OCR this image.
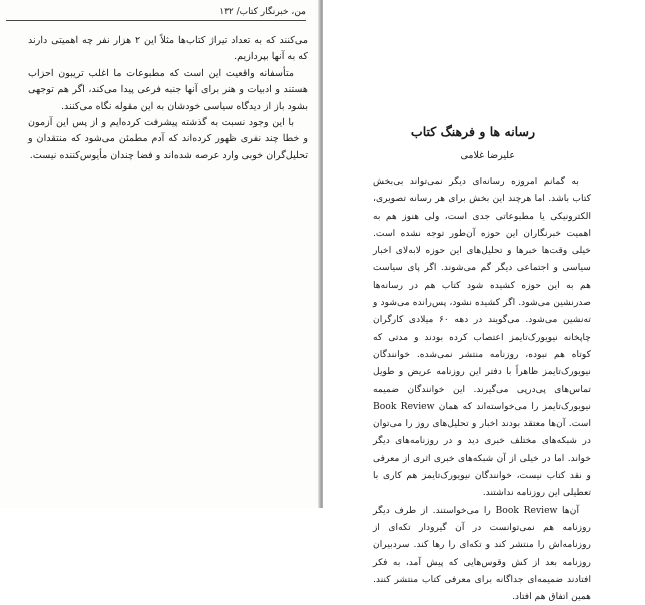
من، خبرنگار کتاب/ ۱۳۲

می‌کنند که به تعداد تیراژ کتاب‌ها مثلاً این ۲ هزار نفر چه اهمیتی دارند که به آنها بپردازیم.

متأسفانه واقعیت این است که مطبوعات ما اغلب تریبون احزاب هستند و ادبیات و هنر برای آنها جنبه فرعی پیدا می‌کند، اگر هم توجهی بشود باز از دیدگاه سیاسی خودشان به این مقوله نگاه می‌کنند.

با این وجود نسبت به گذشته پیشرفت کرده‌ایم و از پس این آزمون و خطا چند نفری ظهور کرده‌اند که آدم مطمئن می‌شود که منتقدان و تحلیل‌گران خوبی وارد عرصه شده‌اند و فضا چندان مأیوس‌کننده نیست.

رسانه ها و فرهنگ کتاب
علیرضا غلامی

به گمانم امروزه رسانه‌ای دیگر نمی‌تواند بی‌بخش کتاب باشد. اما هرچند این بخش برای هر رسانه تصویری، الکترونیکی یا مطبوعاتی جدی است، ولی هنوز هم به اهمیت خبرنگاران این حوزه آن‌طور توجه نشده است. خیلی وقت‌ها خبرها و تحلیل‌های این حوزه لابه‌لای اخبار سیاسی و اجتماعی دیگر گم می‌شوند. اگر پای سیاست هم به این حوزه کشیده شود کتاب هم در رسانه‌ها صدرنشین می‌شود. اگر کشیده نشود، پس‌رانده می‌شود و ته‌نشین می‌شود. می‌گویند در دهه ۶۰ میلادی کارگران چاپخانه نیویورک‌تایمز اعتصاب کرده بودند و مدتی که کوتاه هم نبوده، روزنامه منتشر نمی‌شده. خوانندگان نیویورک‌تایمز ظاهراً با دفتر این روزنامه عریض و طویل تماس‌های پی‌درپی می‌گیرند. این خوانندگان ضمیمه نیویورک‌تایمز را می‌خواسته‌اند که همان Book Review است. آن‌ها معتقد بودند اخبار و تحلیل‌های روز را می‌توان در شبکه‌های مختلف خبری دید و در روزنامه‌های دیگر خواند. اما در خیلی از آن شبکه‌های خبری اثری از معرفی و نقد کتاب نیست، خوانندگان نیویورک‌تایمز هم کاری با تعطیلی این روزنامه نداشتند.

آن‌ها Book Review را می‌خواستند. از طرف دیگر روزنامه هم نمی‌توانست در آن گیرودار تکه‌ای از روزنامه‌اش را منتشر کند و تکه‌ای را رها کند. سردبیران روزنامه بعد از کش وقوس‌هایی که پیش آمد، به فکر افتادند ضمیمه‌ای جداگانه برای معرفی کتاب منتشر کنند. همین اتفاق هم افتاد.
